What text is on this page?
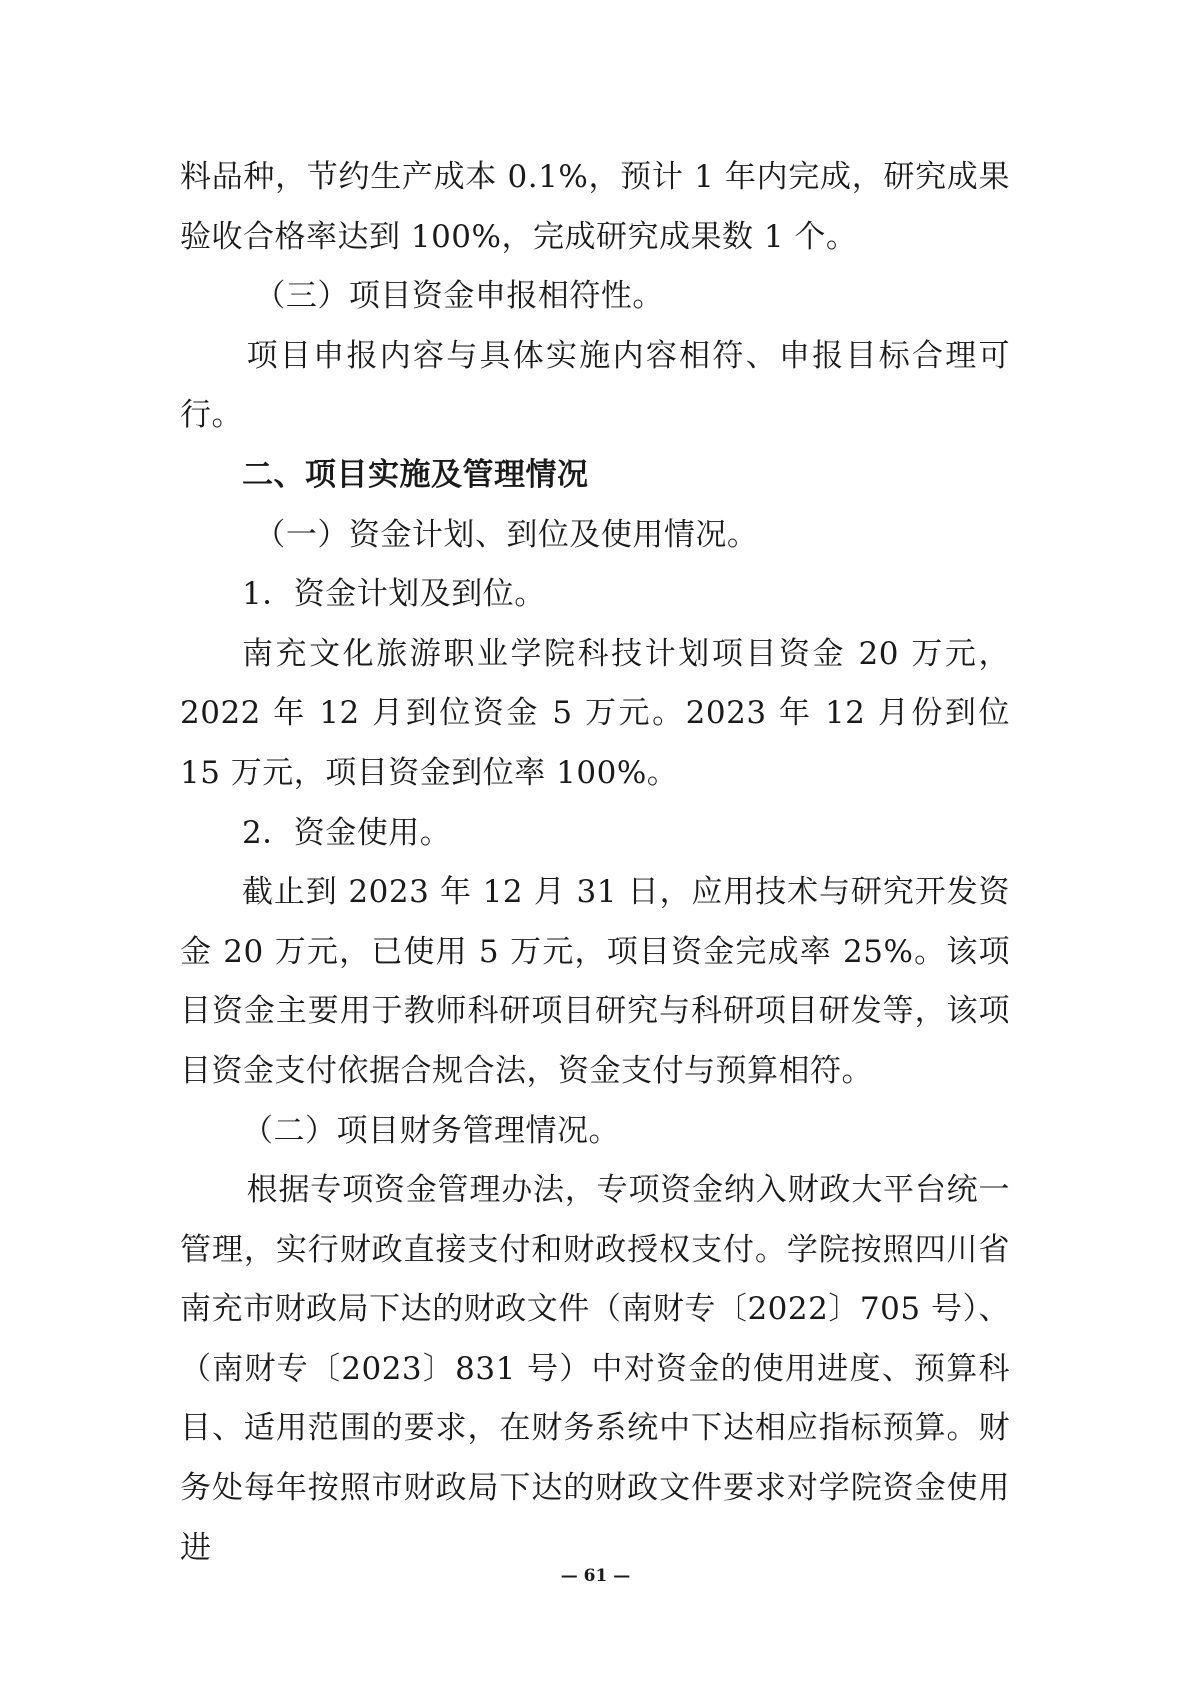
料品种，节约生产成本 0.1%，预计 1 年内完成，研究成果验收合格率达到 100%，完成研究成果数 1 个。

（三）项目资金申报相符性。

项目申报内容与具体实施内容相符、申报目标合理可行。

二、项目实施及管理情况

（一）资金计划、到位及使用情况。

1．资金计划及到位。

南充文化旅游职业学院科技计划项目资金 20 万元，2022 年 12 月到位资金 5 万元。2023 年 12 月份到位 15 万元，项目资金到位率 100%。

2．资金使用。

截止到 2023 年 12 月 31 日，应用技术与研究开发资金 20 万元，已使用 5 万元，项目资金完成率 25%。该项目资金主要用于教师科研项目研究与科研项目研发等，该项目资金支付依据合规合法，资金支付与预算相符。

（二）项目财务管理情况。

根据专项资金管理办法，专项资金纳入财政大平台统一管理，实行财政直接支付和财政授权支付。学院按照四川省南充市财政局下达的财政文件（南财专〔2022〕705 号）、（南财专〔2023〕831 号）中对资金的使用进度、预算科目、适用范围的要求，在财务系统中下达相应指标预算。财务处每年按照市财政局下达的财政文件要求对学院资金使用进

— 61 —
